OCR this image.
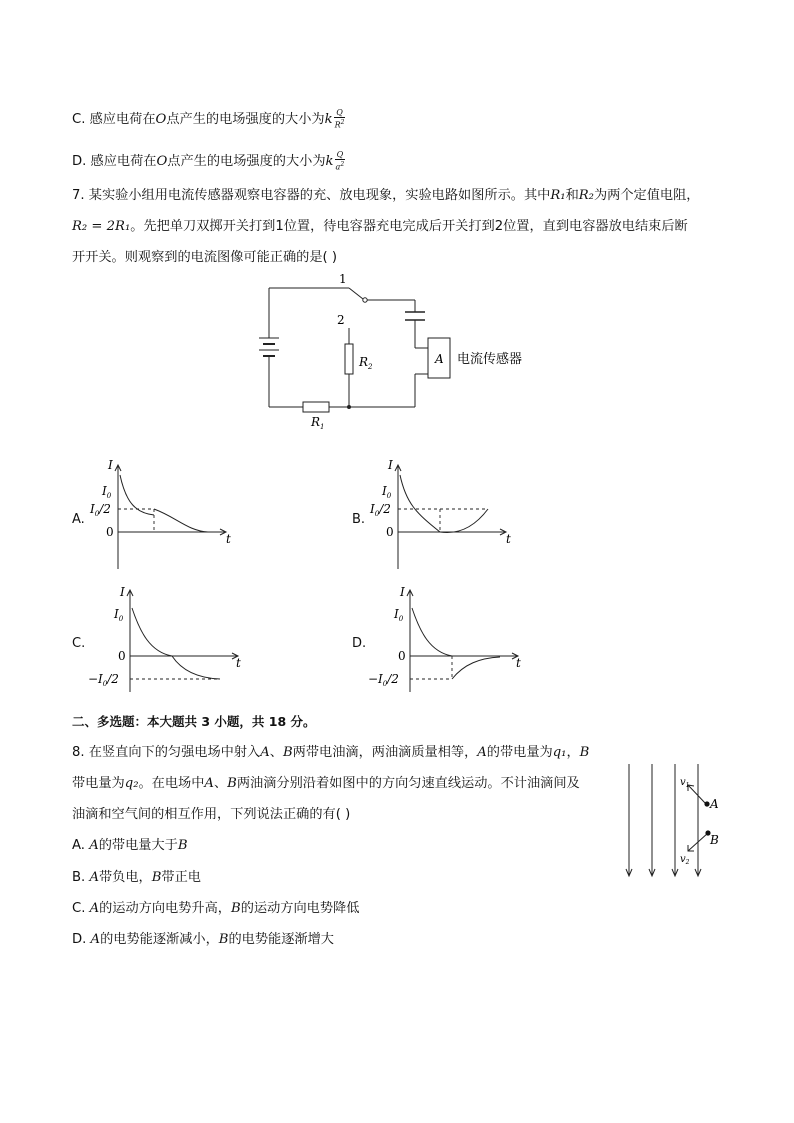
C. 感应电荷在O点产生的电场强度的大小为k $\frac{Q}{R^2}$
D. 感应电荷在O点产生的电场强度的大小为k $\frac{Q}{a^2}$
7. 某实验小组用电流传感器观察电容器的充、放电现象，实验电路如图所示。其中R₁和R₂为两个定值电阻，
R₂ = 2R₁。先把单刀双掷开关打到1位置，待电容器充电完成后开关打到2位置，直到电容器放电结束后断
开开关。则观察到的电流图像可能正确的是( )
1
2
$R_2$
$R_1$
A 电流传感器
A.
I
$I_0$
$I_0/2$
0	t
B.
I
$I_0$
$I_0/2$
0	t
C.
I
$I_0$
0
$-I_0/2$
t
D.
I
$I_0$
0
$-I_0/2$
t
二、多选题：本大题共 3 小题，共 18 分。
8. 在竖直向下的匀强电场中射入A、B两带电油滴，两油滴质量相等，A的带电量为q₁，B
带电量为q₂。在电场中A、B两油滴分别沿着如图中的方向匀速直线运动。不计油滴间及
油滴和空气间的相互作用，下列说法正确的有( )
A. A的带电量大于B
B. A带负电，B带正电
C. A的运动方向电势升高，B的运动方向电势降低
D. A的电势能逐渐减小，B的电势能逐渐增大
$v_1$
A
B
$v_2$
